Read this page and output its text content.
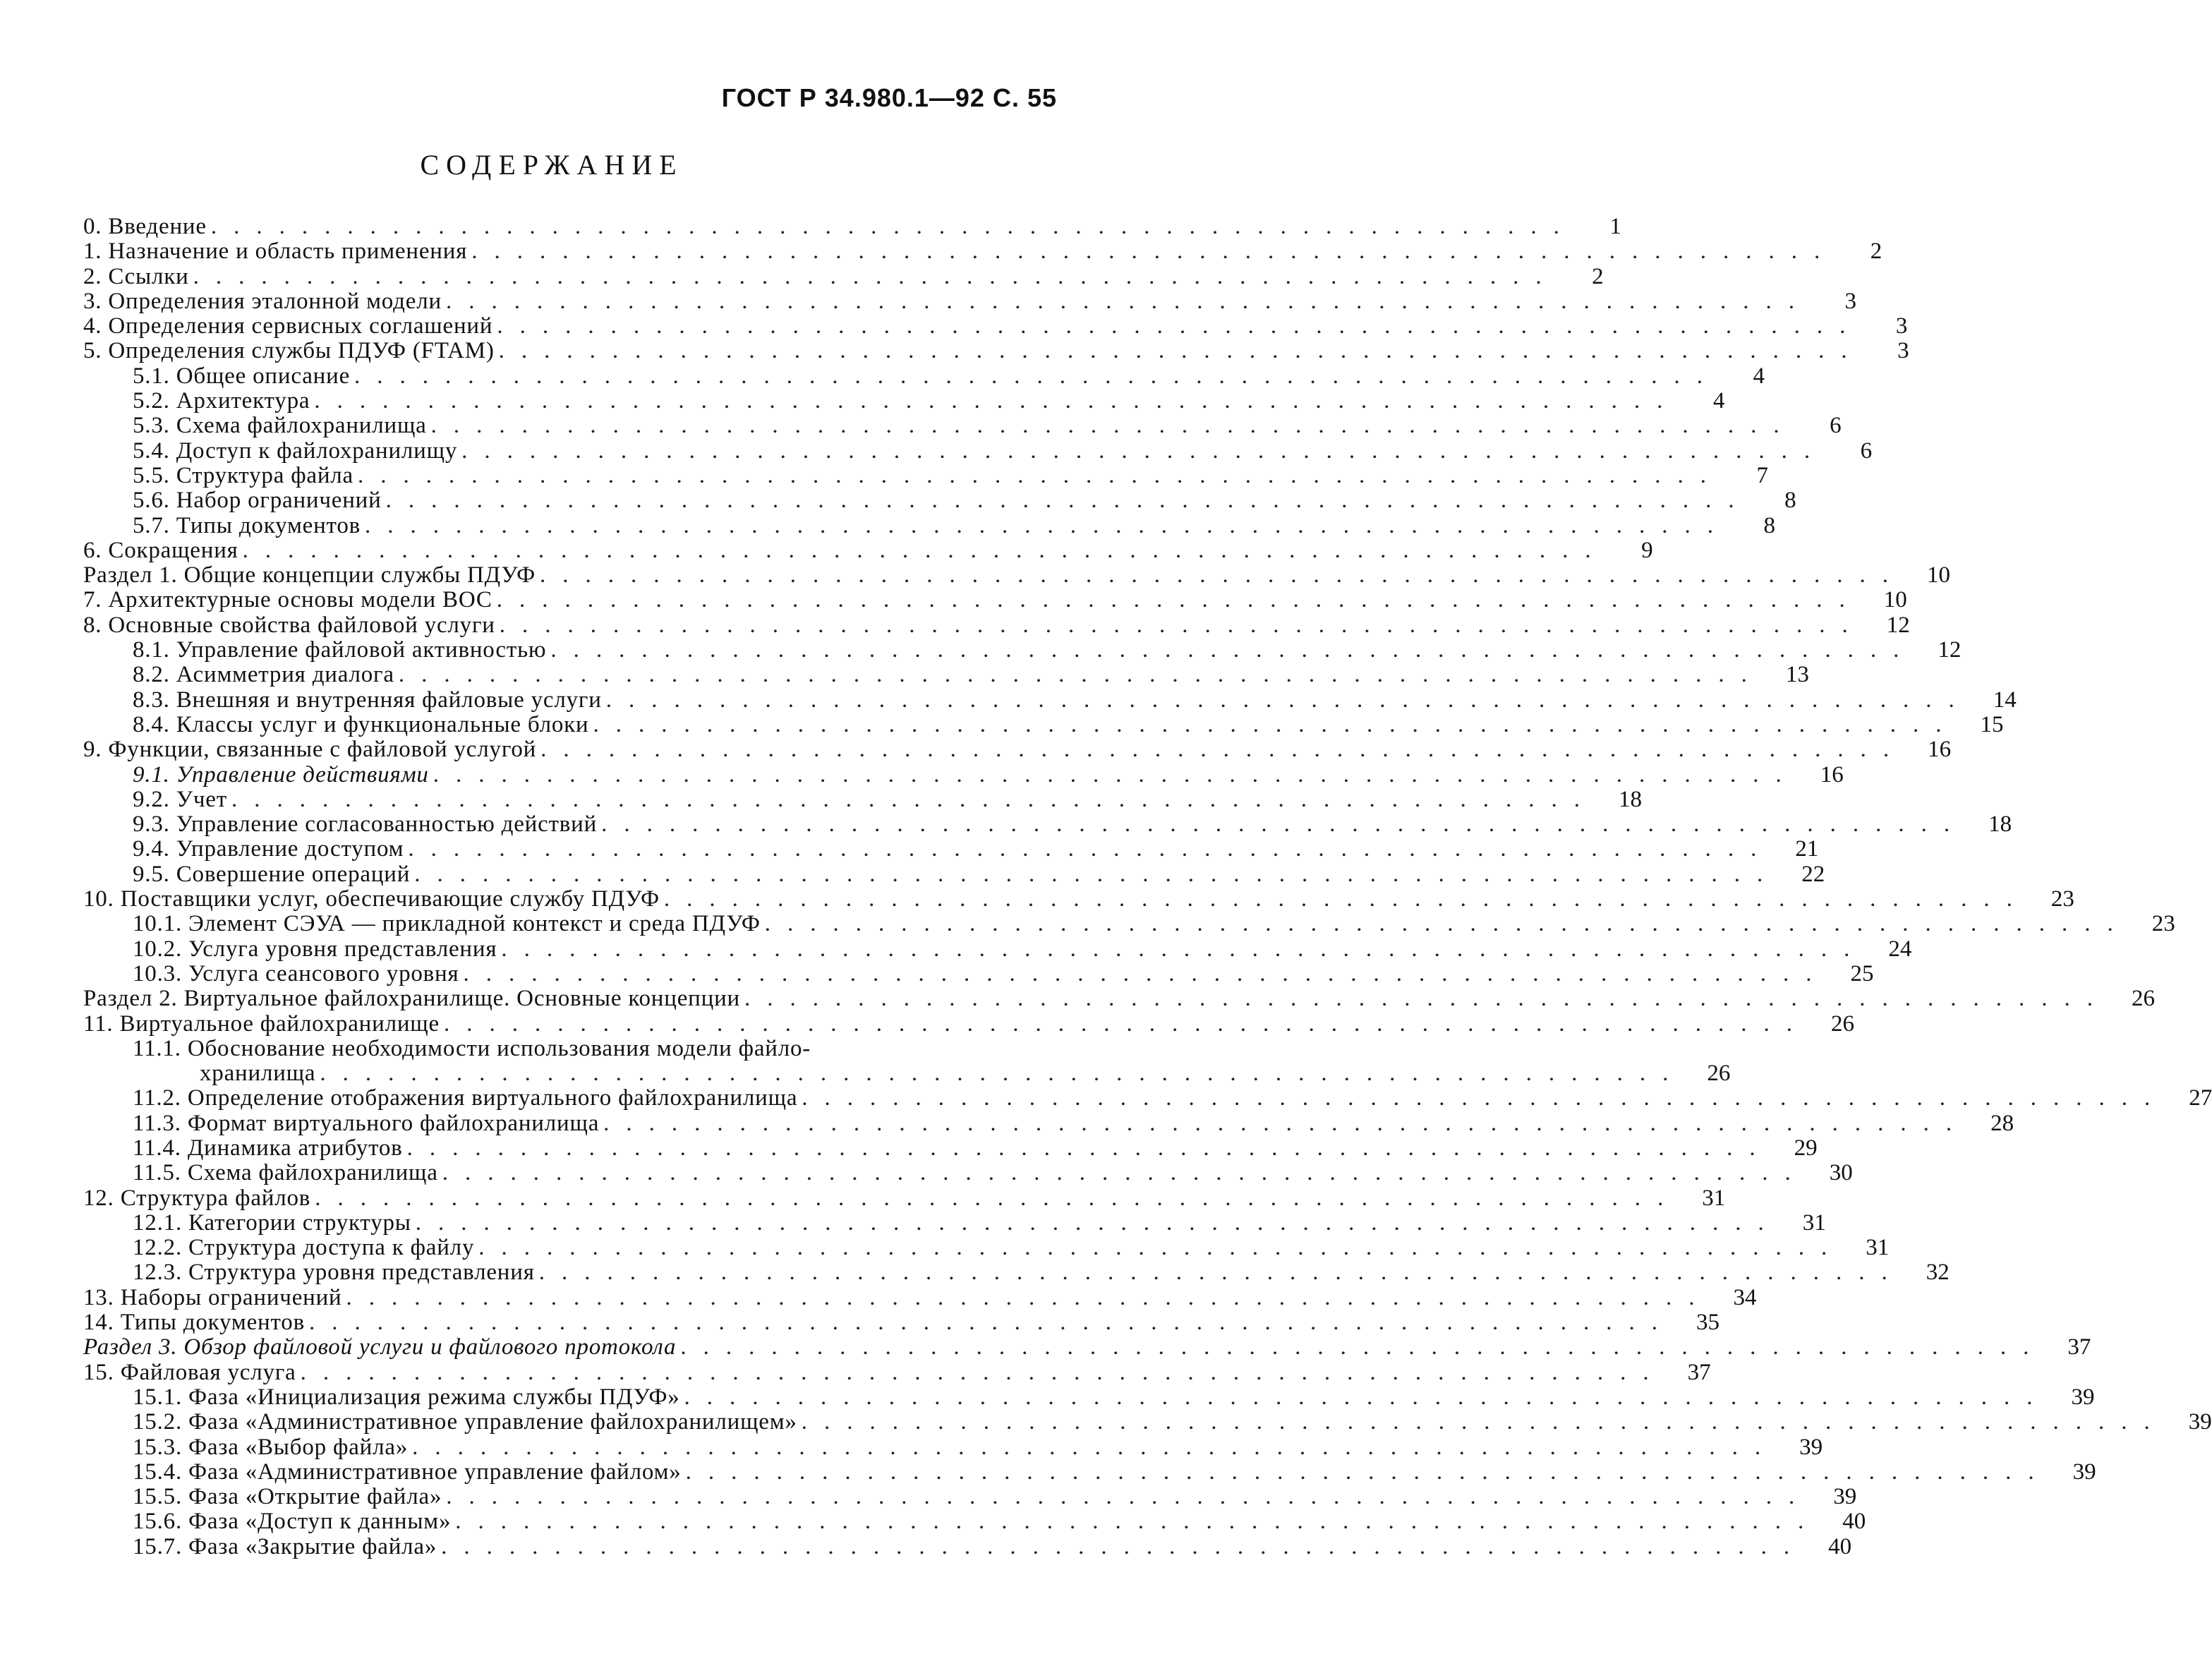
ГОСТ Р 34.980.1—92 С. 55
СОДЕРЖАНИЕ
0. Введение ............................................................	1
1. Назначение и область применения ............................................................	2
2. Ссылки ............................................................	2
3. Определения эталонной модели ............................................................	3
4. Определения сервисных соглашений ............................................................	3
5. Определения службы ПДУФ (FTAM) ............................................................	3
5.1. Общее описание ............................................................	4
5.2. Архитектура ............................................................	4
5.3. Схема файлохранилища ............................................................	6
5.4. Доступ к файлохранилищу ............................................................	6
5.5. Структура файла ............................................................	7
5.6. Набор ограничений ............................................................	8
5.7. Типы документов ............................................................	8
6. Сокращения ............................................................	9
Раздел 1. Общие концепции службы ПДУФ ............................................................ 10
7. Архитектурные основы модели ВОС ............................................................ 10
8. Основные свойства файловой услуги ............................................................ 12
8.1. Управление файловой активностью ............................................................ 12
8.2. Асимметрия диалога ............................................................ 13
8.3. Внешняя и внутренняя файловые услуги ............................................................ 14
8.4. Классы услуг и функциональные блоки ............................................................ 15
9. Функции, связанные с файловой услугой ............................................................ 16
9.1. Управление действиями ............................................................ 16
9.2. Учет ............................................................ 18
9.3. Управление согласованностью действий ............................................................ 18
9.4. Управление доступом ............................................................ 21
9.5. Совершение операций ............................................................ 22
10. Поставщики услуг, обеспечивающие службу ПДУФ ............................................................ 23
10.1. Элемент СЭУА — прикладной контекст и среда ПДУФ ............................................................ 23
10.2. Услуга уровня представления ............................................................ 24
10.3. Услуга сеансового уровня ............................................................ 25
Раздел 2. Виртуальное файлохранилище. Основные концепции ............................................................ 26
11. Виртуальное файлохранилище ............................................................ 26
11.1. Обоснование необходимости использования модели файло-
хранилища ............................................................ 26
11.2. Определение отображения виртуального файлохранилища ............................................................ 27
11.3. Формат виртуального файлохранилища ............................................................ 28
11.4. Динамика атрибутов ............................................................ 29
11.5. Схема файлохранилища ............................................................ 30
12. Структура файлов ............................................................ 31
12.1. Категории структуры ............................................................ 31
12.2. Структура доступа к файлу ............................................................ 31
12.3. Структура уровня представления ............................................................ 32
13. Наборы ограничений ............................................................ 34
14. Типы документов ............................................................ 35
Раздел 3. Обзор файловой услуги и файлового протокола ............................................................ 37
15. Файловая услуга ............................................................ 37
15.1. Фаза «Инициализация режима службы ПДУФ» ............................................................ 39
15.2. Фаза «Административное управление файлохранилищем» ............................................................ 39
15.3. Фаза «Выбор файла» ............................................................ 39
15.4. Фаза «Административное управление файлом» ............................................................ 39
15.5. Фаза «Открытие файла» ............................................................ 39
15.6. Фаза «Доступ к данным» ............................................................ 40
15.7. Фаза «Закрытие файла» ............................................................ 40
